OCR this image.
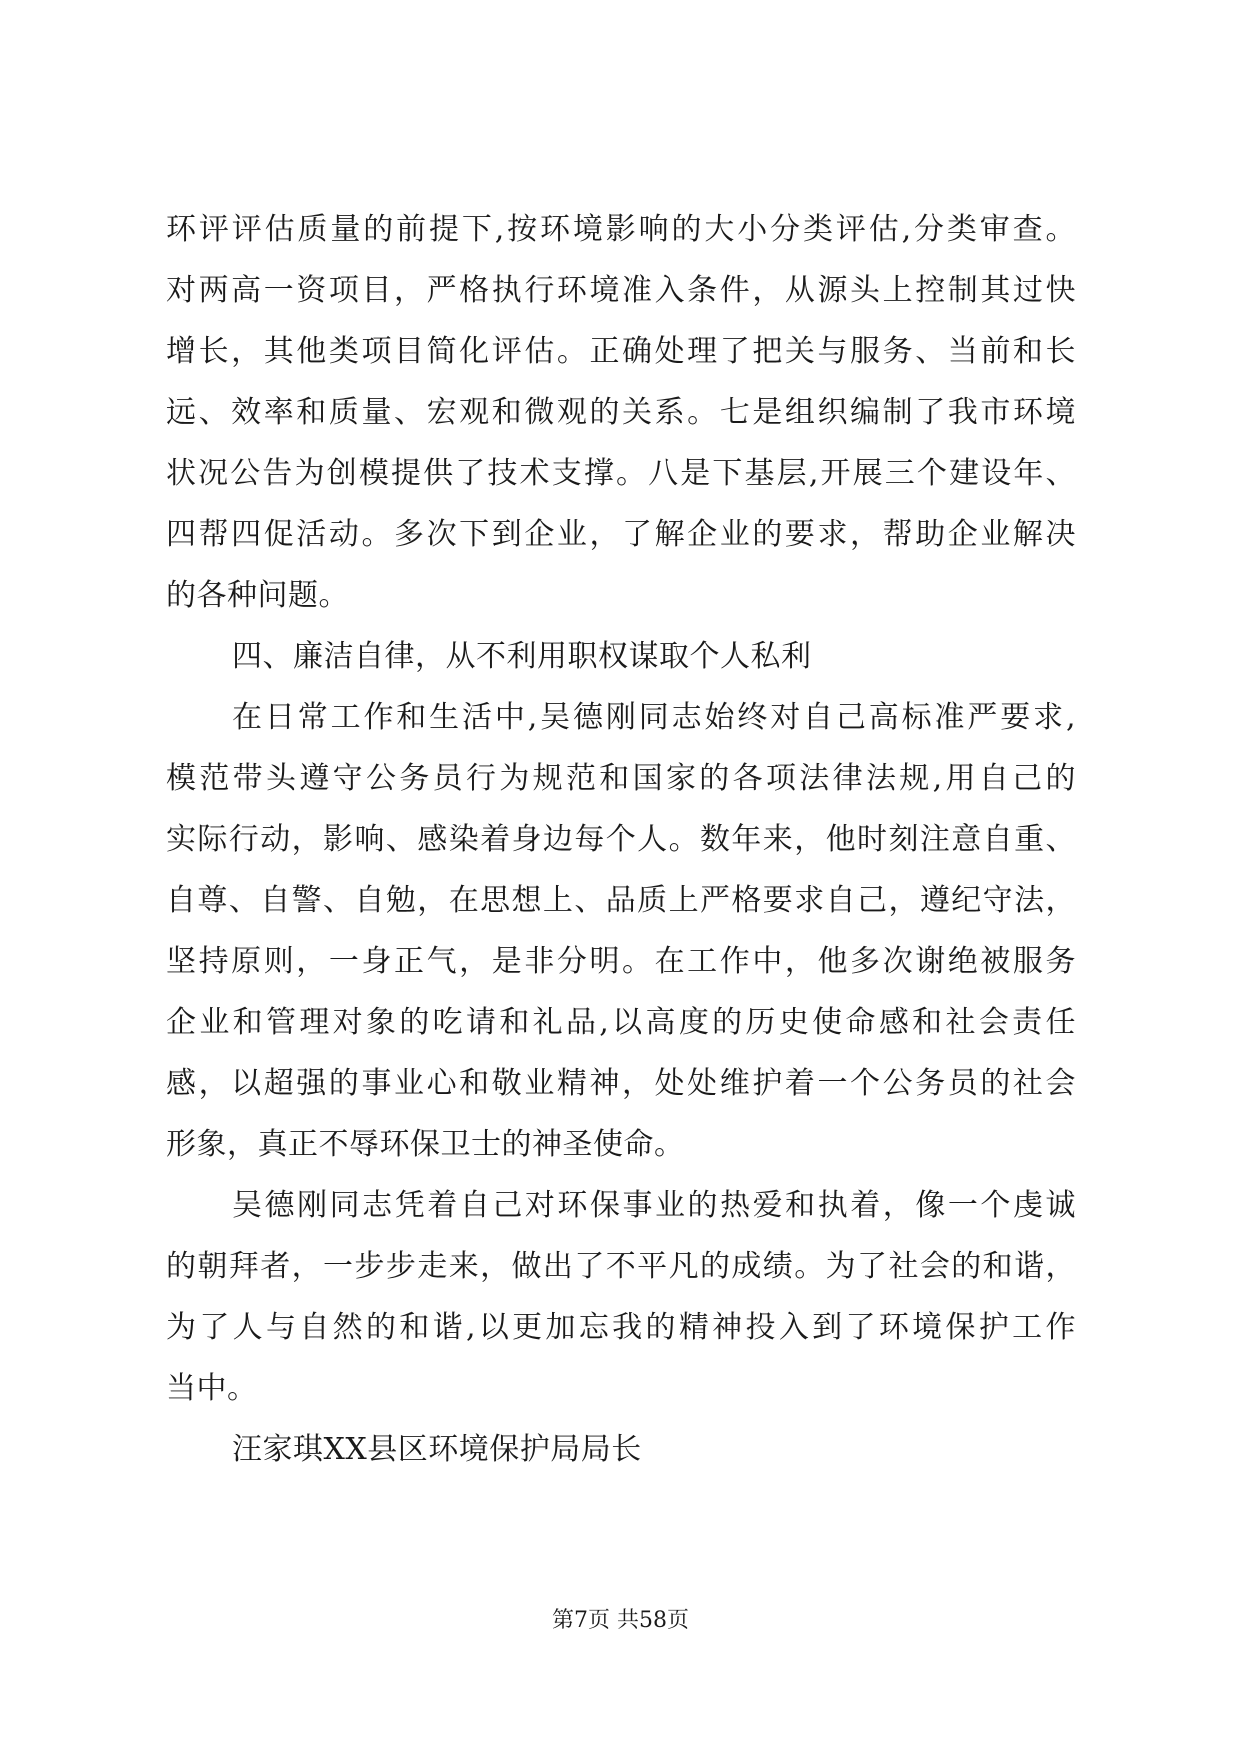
环评评估质量的前提下,按环境影响的大小分类评估,分类审查。
对两高一资项目，严格执行环境准入条件，从源头上控制其过快
增长，其他类项目简化评估。正确处理了把关与服务、当前和长
远、效率和质量、宏观和微观的关系。七是组织编制了我市环境
状况公告为创模提供了技术支撑。八是下基层,开展三个建设年、
四帮四促活动。多次下到企业，了解企业的要求，帮助企业解决
的各种问题。
四、廉洁自律，从不利用职权谋取个人私利
在日常工作和生活中,吴德刚同志始终对自己高标准严要求,
模范带头遵守公务员行为规范和国家的各项法律法规,用自己的
实际行动，影响、感染着身边每个人。数年来，他时刻注意自重、
自尊、自警、自勉，在思想上、品质上严格要求自己，遵纪守法，
坚持原则，一身正气，是非分明。在工作中，他多次谢绝被服务
企业和管理对象的吃请和礼品,以高度的历史使命感和社会责任
感，以超强的事业心和敬业精神，处处维护着一个公务员的社会
形象，真正不辱环保卫士的神圣使命。
吴德刚同志凭着自己对环保事业的热爱和执着，像一个虔诚
的朝拜者，一步步走来，做出了不平凡的成绩。为了社会的和谐，
为了人与自然的和谐,以更加忘我的精神投入到了环境保护工作
当中。
汪家琪XX县区环境保护局局长
第7页 共58页
